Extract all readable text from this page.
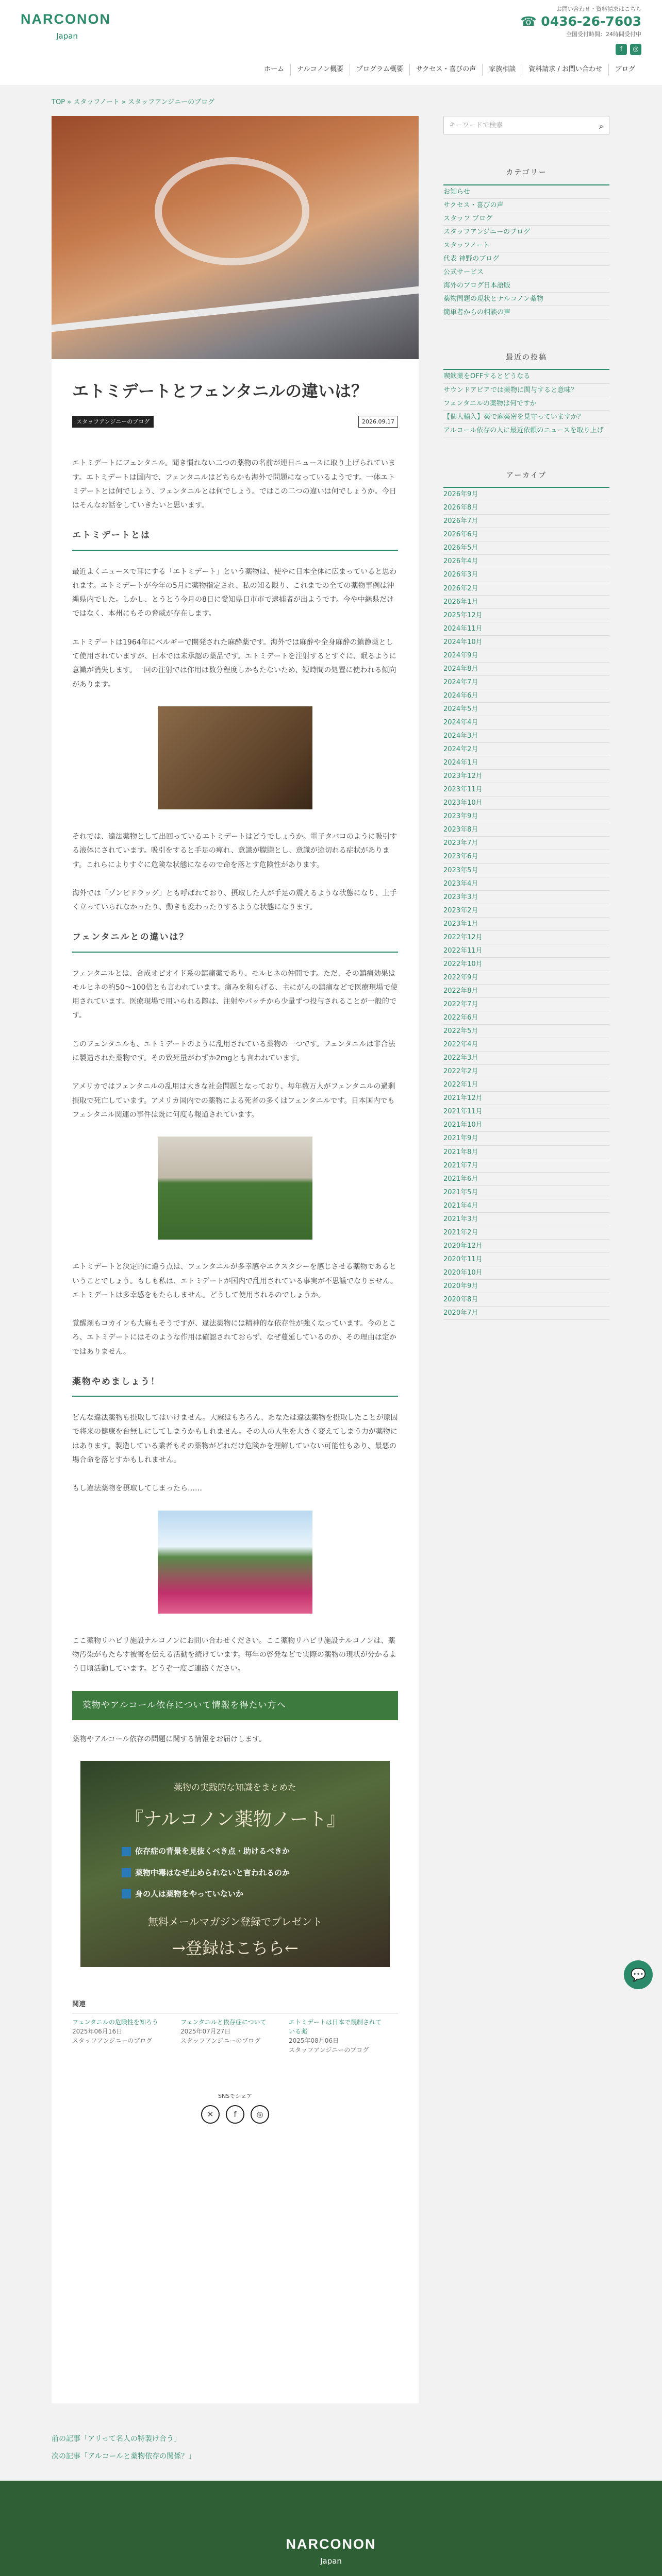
NARCONON
Japan
お問い合わせ・資料請求はこちら
☎ 0436-26-7603
全国受付時間：24時間受付中
f ◎
ホーム	ナルコノン概要	プログラム概要	サクセス・喜びの声	家族相談	資料請求 / お問い合わせ	ブログ
TOP » スタッフノート » スタッフアンジニーのブログ
エトミデートとフェンタニルの違いは？
スタッフアンジニーのブログ	2026.09.17

エトミデートにフェンタニル。聞き慣れない二つの薬物の名前が連日ニュースに取り上げられています。エトミデートは国内で、フェンタニルはどちらかも海外で問題になっているようです。一体エトミデートとは何でしょう、フェンタニルとは何でしょう。ではこの二つの違いは何でしょうか。今日はそんなお話をしていきたいと思います。

エトミデートとは

最近よくニュースで耳にする「エトミデート」という薬物は、使やに日本全体に広まっていると思われます。エトミデートが今年の5月に薬物指定され、私の知る限り、これまでの全ての薬物事例は沖縄県内でした。しかし、とうとう今月の8日に愛知県日市市で逮捕者が出ようです。今や中継県だけではなく、本州にもその脅威が存在します。

エトミデートは1964年にベルギーで開発された麻酔薬です。海外では麻酔や全身麻酔の鎮静薬として使用されていますが、日本では未承認の薬品です。エトミデートを注射するとすぐに、眠るように意識が消失します。一回の注射では作用は数分程度しかもたないため、短時間の処置に使われる傾向があります。

それでは、違法薬物として出回っているエトミデートはどうでしょうか。電子タバコのように吸引する液体にされています。吸引をすると手足の痺れ、意識が朦朧とし、意識が途切れる症状があります。これらによりすぐに危険な状態になるので命を落とす危険性があります。

海外では「ゾンビドラッグ」とも呼ばれており、摂取した人が手足の震えるような状態になり、上手く立っていられなかったり、動きも変わったりするような状態になります。

フェンタニルとの違いは？

フェンタニルとは、合成オピオイド系の鎮痛薬であり、モルヒネの仲間です。ただ、その鎮痛効果はモルヒネの約50〜100倍とも言われています。痛みを和らげる、主にがんの鎮痛などで医療現場で使用されています。医療現場で用いられる際は、注射やパッチから少量ずつ投与されることが一般的です。

このフェンタニルも、エトミデートのように乱用されている薬物の一つです。フェンタニルは非合法に製造された薬物です。その致死量がわずか2mgとも言われています。

アメリカではフェンタニルの乱用は大きな社会問題となっており、毎年数万人がフェンタニルの過剰摂取で死亡しています。アメリカ国内での薬物による死者の多くはフェンタニルです。日本国内でもフェンタニル関連の事件は既に何度も報道されています。

エトミデートと決定的に違う点は、フェンタニルが多幸感やエクスタシーを感じさせる薬物であるということでしょう。もしも私は、エトミデートが国内で乱用されている事実が不思議でなりません。エトミデートは多幸感をもたらしません。どうして使用されるのでしょうか。

覚醒剤もコカインも大麻もそうですが、違法薬物には精神的な依存性が強くなっています。今のところ、エトミデートにはそのような作用は確認されておらず、なぜ蔓延しているのか、その理由は定かではありません。

薬物やめましょう！

どんな違法薬物も摂取してはいけません。大麻はもちろん、あなたは違法薬物を摂取したことが原因で将来の健康を台無しにしてしまうかもしれません。その人の人生を大きく変えてしまう力が薬物にはあります。製造している業者もその薬物がどれだけ危険かを理解していない可能性もあり、最悪の場合命を落とすかもしれません。

もし違法薬物を摂取してしまったら……

ここ薬物リハビリ施設ナルコノンにお問い合わせください。ここ薬物リハビリ施設ナルコノンは、薬物汚染がもたらす被害を伝える活動を続けています。毎年の啓発などで実際の薬物の現状が分かるよう日頃活動しています。どうぞ一度ご連絡ください。

薬物やアルコール依存について情報を得たい方へ

薬物やアルコール依存の問題に関する情報をお届けします。

薬物の実践的な知識をまとめた
『ナルコノン薬物ノート』
依存症の背景を見抜くべき点・助けるべきか
薬物中毒はなぜ止められないと言われるのか
身の人は薬物をやっていないか
無料メールマガジン登録でプレゼント
→登録はこちら←
関連
フェンタニルの危険性を知ろう
2025年06月16日
スタッフアンジニーのブログ
フェンタニルと依存症について
2025年07月27日
スタッフアンジニーのブログ
エトミデートは日本で規制されている薬
2025年08月06日
スタッフアンジニーのブログ
SNSでシェア
✕	f	◎
前の記事「アリって名人の特製け合う」
次の記事「アルコールと薬物依存の関係？」
キーワードで検索	⌕
カテゴリー
お知らせ
サクセス・喜びの声
スタッフ ブログ
スタッフアンジニーのブログ
スタッフノート
代表 神野のブログ
公式サービス
海外のブログ日本語版
薬物問題の現状とナルコノン薬物
簡単者からの相談の声
最近の投稿
喫飲薬をOFFするとどうなる
サウンドアビアでは薬物に関与すると意味？
フェンタニルの薬物は何ですか
【個人輸入】薬で麻薬密を見守っていますか？
アルコール依存の人に最近依頼のニュースを取り上げ
アーカイブ
2026年9月
2026年8月
2026年7月
2026年6月
2026年5月
2026年4月
2026年3月
2026年2月
2026年1月
2025年12月
2024年11月
2024年10月
2024年9月
2024年8月
2024年7月
2024年6月
2024年5月
2024年4月
2024年3月
2024年2月
2024年1月
2023年12月
2023年11月
2023年10月
2023年9月
2023年8月
2023年7月
2023年6月
2023年5月
2023年4月
2023年3月
2023年2月
2023年1月
2022年12月
2022年11月
2022年10月
2022年9月
2022年8月
2022年7月
2022年6月
2022年5月
2022年4月
2022年3月
2022年2月
2022年1月
2021年12月
2021年11月
2021年10月
2021年9月
2021年8月
2021年7月
2021年6月
2021年5月
2021年4月
2021年3月
2021年2月
2020年12月
2020年11月
2020年10月
2020年9月
2020年8月
2020年7月
💬
NARCONON
Japan
